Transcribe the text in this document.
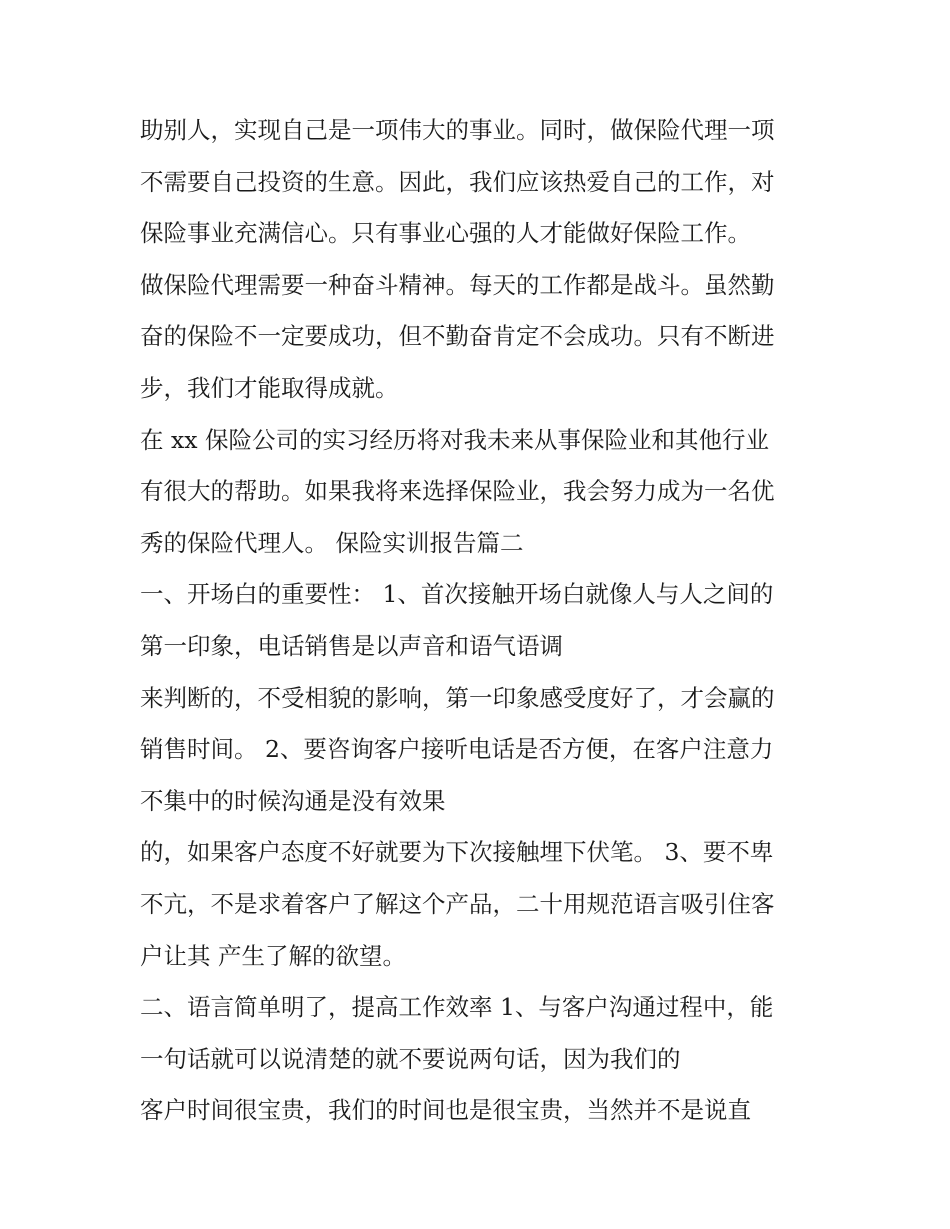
助别人，实现自己是一项伟大的事业。同时，做保险代理一项
不需要自己投资的生意。因此，我们应该热爱自己的工作，对
保险事业充满信心。只有事业心强的人才能做好保险工作。
做保险代理需要一种奋斗精神。每天的工作都是战斗。虽然勤
奋的保险不一定要成功，但不勤奋肯定不会成功。只有不断进
步，我们才能取得成就。
在 xx 保险公司的实习经历将对我未来从事保险业和其他行业
有很大的帮助。如果我将来选择保险业，我会努力成为一名优
秀的保险代理人。 保险实训报告篇二
一、开场白的重要性： 1、首次接触开场白就像人与人之间的
第一印象，电话销售是以声音和语气语调
来判断的，不受相貌的影响，第一印象感受度好了，才会赢的
销售时间。 2、要咨询客户接听电话是否方便，在客户注意力
不集中的时候沟通是没有效果
的，如果客户态度不好就要为下次接触埋下伏笔。 3、要不卑
不亢，不是求着客户了解这个产品，二十用规范语言吸引住客
户让其 产生了解的欲望。
二、语言简单明了，提高工作效率 1、与客户沟通过程中，能
一句话就可以说清楚的就不要说两句话，因为我们的
客户时间很宝贵，我们的时间也是很宝贵，当然并不是说直
